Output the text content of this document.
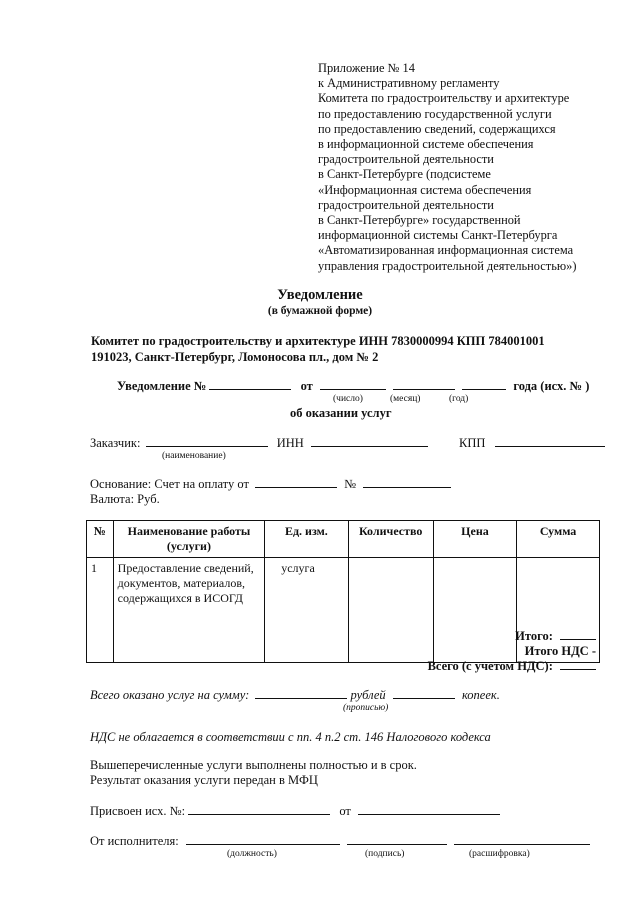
Приложение № 14
к Административному регламенту
Комитета по градостроительству и архитектуре
по предоставлению государственной услуги
по предоставлению сведений, содержащихся
в информационной системе обеспечения
градостроительной деятельности
в Санкт-Петербурге (подсистеме
«Информационная система обеспечения
градостроительной деятельности
в Санкт-Петербурге» государственной
информационной системы Санкт-Петербурга
«Автоматизированная информационная система
управления градостроительной деятельностью»)
Уведомление
(в бумажной форме)
Комитет по градостроительству и архитектуре ИНН 7830000994 КПП 784001001
191023, Санкт-Петербург, Ломоносова пл., дом № 2
Уведомление №	от	года (исх. № )
(число)	(месяц)	(год)
об оказании услуг
Заказчик:	ИНН	КПП
(наименование)
Основание: Счет на оплату от	№
Валюта: Руб.
№	Наименование работы (услуги)	Ед. изм.	Количество	Цена	Сумма
1	Предоставление сведений, документов, материалов, содержащихся в ИСОГД	услуга			
Итого:
Итого НДС -
Всего (с учетом НДС):
Всего оказано услуг на сумму:	рублей	копеек.
(прописью)
НДС не облагается в соответствии с пп. 4 п.2 ст. 146 Налогового кодекса
Вышеперечисленные услуги выполнены полностью и в срок.
Результат оказания услуги передан в МФЦ
Присвоен исх. №:	от
От исполнителя:
(должность)	(подпись)	(расшифровка)
